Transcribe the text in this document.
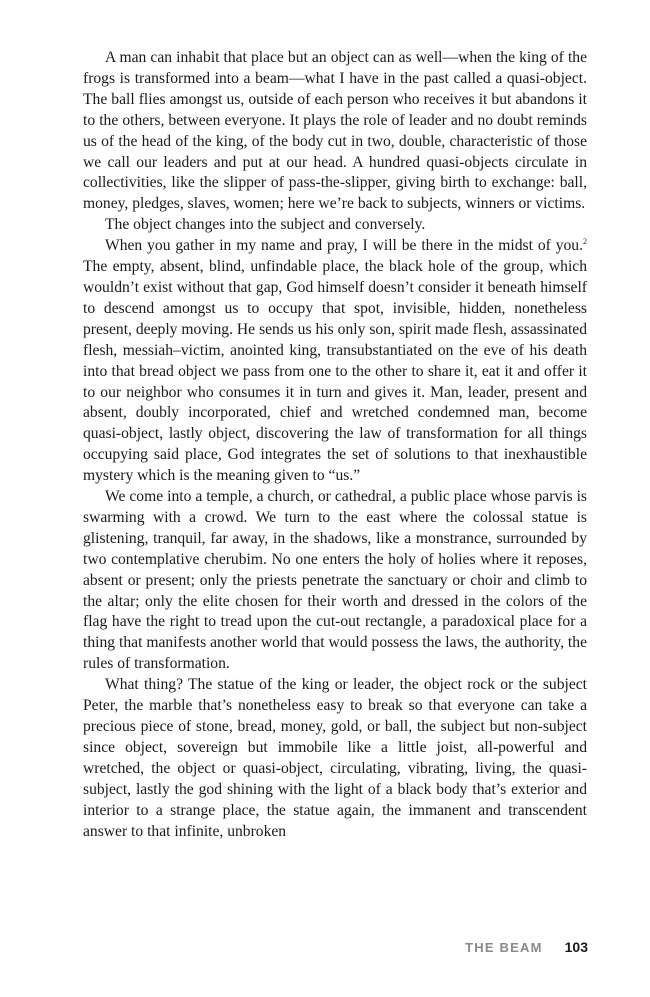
A man can inhabit that place but an object can as well—when the king of the frogs is transformed into a beam—what I have in the past called a quasi-object. The ball flies amongst us, outside of each person who receives it but abandons it to the others, between everyone. It plays the role of leader and no doubt reminds us of the head of the king, of the body cut in two, double, characteristic of those we call our leaders and put at our head. A hundred quasi-objects circulate in collectivities, like the slipper of pass-the-slipper, giving birth to exchange: ball, money, pledges, slaves, women; here we’re back to subjects, winners or victims.

The object changes into the subject and conversely.

When you gather in my name and pray, I will be there in the midst of you.$^2$ The empty, absent, blind, unfindable place, the black hole of the group, which wouldn’t exist without that gap, God himself doesn’t consider it beneath himself to descend amongst us to occupy that spot, invisible, hidden, nonetheless present, deeply moving. He sends us his only son, spirit made flesh, assassinated flesh, messiah–victim, anointed king, transubstantiated on the eve of his death into that bread object we pass from one to the other to share it, eat it and offer it to our neighbor who consumes it in turn and gives it. Man, leader, present and absent, doubly incorporated, chief and wretched condemned man, become quasi-object, lastly object, discovering the law of transformation for all things occupying said place, God integrates the set of solutions to that inexhaustible mystery which is the meaning given to “us.”

We come into a temple, a church, or cathedral, a public place whose parvis is swarming with a crowd. We turn to the east where the colossal statue is glistening, tranquil, far away, in the shadows, like a monstrance, surrounded by two contemplative cherubim. No one enters the holy of holies where it reposes, absent or present; only the priests penetrate the sanctuary or choir and climb to the altar; only the elite chosen for their worth and dressed in the colors of the flag have the right to tread upon the cut-out rectangle, a paradoxical place for a thing that manifests another world that would possess the laws, the authority, the rules of transformation.

What thing? The statue of the king or leader, the object rock or the subject Peter, the marble that’s nonetheless easy to break so that everyone can take a precious piece of stone, bread, money, gold, or ball, the subject but non-subject since object, sovereign but immobile like a little joist, all-powerful and wretched, the object or quasi-object, circulating, vibrating, living, the quasi-subject, lastly the god shining with the light of a black body that’s exterior and interior to a strange place, the statue again, the immanent and transcendent answer to that infinite, unbroken

THE BEAM 103
